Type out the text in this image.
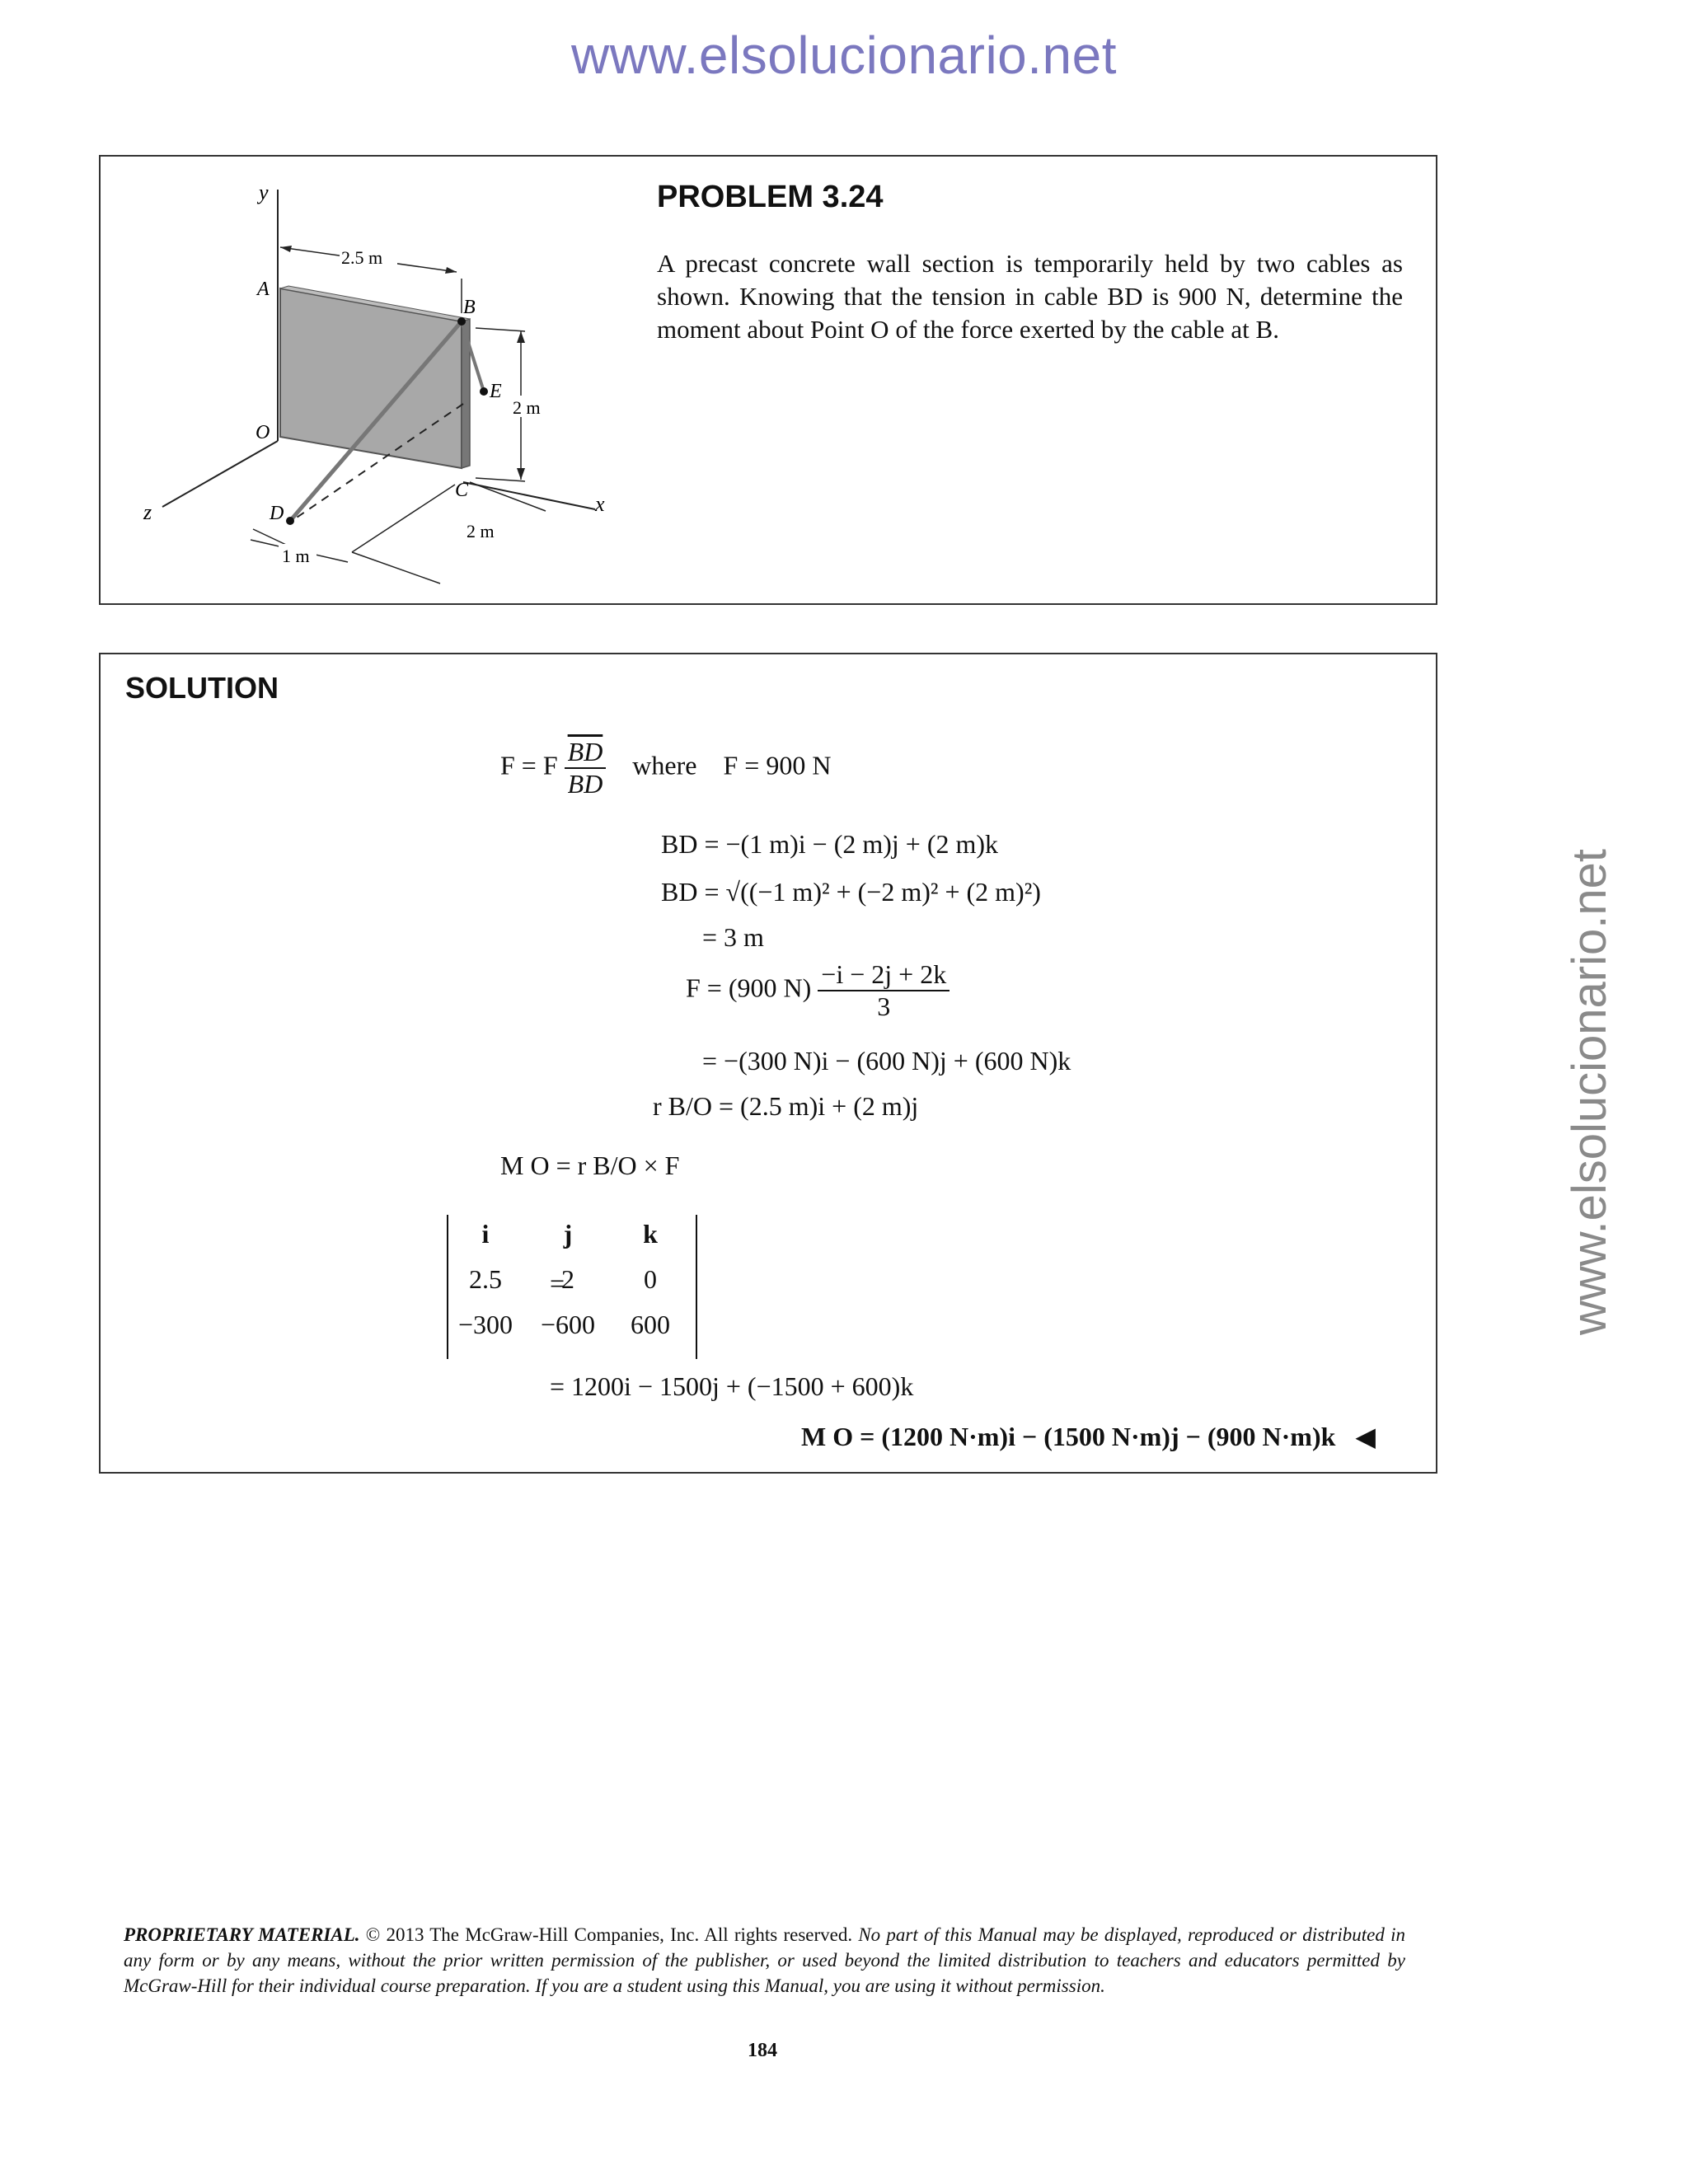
www.elsolucionario.net
www.elsolucionario.net
y
A
B
E
O
C
D
z	x

2.5 m
2 m
2 m
1 m
PROBLEM 3.24
A precast concrete wall section is temporarily held by two cables as shown. Knowing that the tension in cable BD is 900 N, determine the moment about Point O of the force exerted by the cable at B.
SOLUTION
F = F $\frac{\overline{BD}}{BD}$ where F = 900 N
BD = −(1 m)i − (2 m)j + (2 m)k
BD = √((−1 m)² + (−2 m)² + (2 m)²)
= 3 m
F = (900 $N) \frac{-i - 2j + 2k}{3}$
= −(300 N)i − (600 N)j + (600 N)k
r B/O = (2.5 m)i + (2 m)j
M O = r B/O × F
=
i	j	k
2.5	2	0
−300	−600	600
= 1200i − 1500j + (−1500 + 600)k
M O = (1200 N·m)i − (1500 N·m)j − (900 N·m)k ◀
PROPRIETARY MATERIAL. © 2013 The McGraw-Hill Companies, Inc. All rights reserved. No part of this Manual may be displayed, reproduced or distributed in any form or by any means, without the prior written permission of the publisher, or used beyond the limited distribution to teachers and educators permitted by McGraw-Hill for their individual course preparation. If you are a student using this Manual, you are using it without permission.
184
